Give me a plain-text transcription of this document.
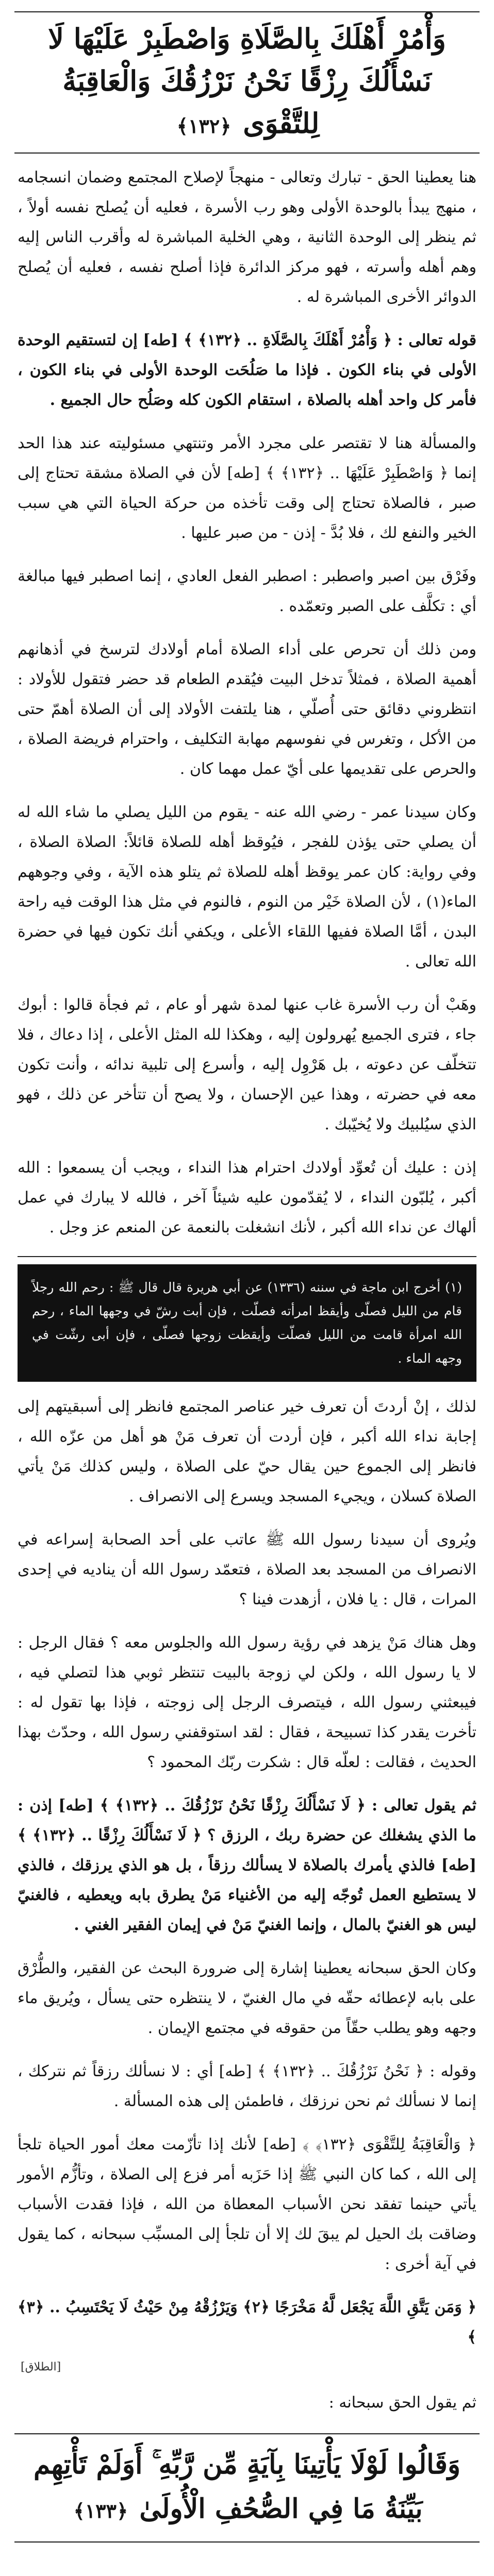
وَأْمُرْ أَهْلَكَ بِالصَّلَاةِ وَاصْطَبِرْ عَلَيْهَا لَا نَسْأَلُكَ رِزْقًا نَحْنُ نَرْزُقُكَ وَالْعَاقِبَةُ لِلتَّقْوَى ﴿١٣٢﴾

هنا يعطينا الحق - تبارك وتعالى - منهجاً لإصلاح المجتمع وضمان انسجامه ، منهج يبدأ بالوحدة الأولى وهو رب الأسرة ، فعليه أن يُصلح نفسه أولاً ، ثم ينظر إلى الوحدة الثانية ، وهي الخلية المباشرة له وأقرب الناس إليه وهم أهله وأسرته ، فهو مركز الدائرة فإذا أصلح نفسه ، فعليه أن يُصلح الدوائر الأخرى المباشرة له .

قوله تعالى : ﴿ وَأْمُرْ أَهْلَكَ بِالصَّلَاةِ .. ﴿١٣٢﴾ ﴾ [طه] إن لتستقيم الوحدة الأولى في بناء الكون . فإذا ما صَلُحَت الوحدة الأولى في بناء الكون ، فأمر كل واحد أهله بالصلاة ، استقام الكون كله وصَلُح حال الجميع .

والمسألة هنا لا تقتصر على مجرد الأمر وتنتهي مسئوليته عند هذا الحد إنما ﴿ وَاصْطَبِرْ عَلَيْهَا .. ﴿١٣٢﴾ ﴾ [طه] لأن في الصلاة مشقة تحتاج إلى صبر ، فالصلاة تحتاج إلى وقت تأخذه من حركة الحياة التي هي سبب الخير والنفع لك ، فلا بُدَّ - إذن - من صبر عليها .

وفَرْق بين اصبر واصطبر : اصطبر الفعل العادي ، إنما اصطبر فيها مبالغة أي : تكلَّف على الصبر وتعمّده .

ومن ذلك أن تحرص على أداء الصلاة أمام أولادك لترسخ في أذهانهم أهمية الصلاة ، فمثلاً تدخل البيت فيُقدم الطعام قد حضر فتقول للأولاد : انتظروني دقائق حتى أُصلّي ، هنا يلتفت الأولاد إلى أن الصلاة أهمّ حتى من الأكل ، وتغرس في نفوسهم مهابة التكليف ، واحترام فريضة الصلاة ، والحرص على تقديمها على أيّ عمل مهما كان .

وكان سيدنا عمر - رضي الله عنه - يقوم من الليل يصلي ما شاء الله له أن يصلي حتى يؤذن للفجر ، فيُوقظ أهله للصلاة قائلاً: الصلاة الصلاة ، وفي رواية: كان عمر يوقظ أهله للصلاة ثم يتلو هذه الآية ، وفي وجوههم الماء(١) ، لأن الصلاة خَيْر من النوم ، فالنوم في مثل هذا الوقت فيه راحة البدن ، أمَّا الصلاة ففيها اللقاء الأعلى ، ويكفي أنك تكون فيها في حضرة الله تعالى .

وهَبْ أن رب الأسرة غاب عنها لمدة شهر أو عام ، ثم فجأة قالوا : أبوك جاء ، فترى الجميع يُهرولون إليه ، وهكذا لله المثل الأعلى ، إذا دعاك ، فلا تتخلّف عن دعوته ، بل هَرْوِل إليه ، وأسرع إلى تلبية ندائه ، وأنت تكون معه في حضرته ، وهذا عين الإحسان ، ولا يصح أن تتأخر عن ذلك ، فهو الذي سيُلبيك ولا يُخيّبك .

إذن : عليك أن تُعوِّد أولادك احترام هذا النداء ، ويجب أن يسمعوا : الله أكبر ، يُلبّون النداء ، لا يُقدّمون عليه شيئاً آخر ، فالله لا يبارك في عمل ألهاك عن نداء الله أكبر ، لأنك انشغلت بالنعمة عن المنعم عز وجل .

(١) أخرج ابن ماجة في سننه (١٣٣٦) عن أبي هريرة قال قال ﷺ : رحم الله رجلاً قام من الليل فصلّى وأيقظ امرأته فصلّت ، فإن أبت رشّ في وجهها الماء ، رحم الله امرأة قامت من الليل فصلّت وأيقظت زوجها فصلّى ، فإن أبى رشّت في وجهه الماء .

لذلك ، إنْ أردتَ أن تعرف خير عناصر المجتمع فانظر إلى أسبقيتهم إلى إجابة نداء الله أكبر ، فإن أردت أن تعرف مَنْ هو أهل من عزّه الله ، فانظر إلى الجموع حين يقال حيّ على الصلاة ، وليس كذلك مَنْ يأتي الصلاة كسلان ، ويجيء المسجد ويسرع إلى الانصراف .

ويُروى أن سيدنا رسول الله ﷺ عاتب على أحد الصحابة إسراعه في الانصراف من المسجد بعد الصلاة ، فتعمّد رسول الله أن يناديه في إحدى المرات ، قال : يا فلان ، أزهدت فينا ؟

وهل هناك مَنْ يزهد في رؤية رسول الله والجلوس معه ؟ فقال الرجل : لا يا رسول الله ، ولكن لي زوجة بالبيت تنتظر ثوبي هذا لتصلي فيه ، فيبعثني رسول الله ، فيتصرف الرجل إلى زوجته ، فإذا بها تقول له : تأخرت يقدر كذا تسبيحة ، فقال : لقد استوقفني رسول الله ، وحدّث بهذا الحديث ، فقالت : لعلّه قال : شكرت ربّك المحمود ؟

ثم يقول تعالى : ﴿ لَا نَسْأَلُكَ رِزْقًا نَحْنُ نَرْزُقُكَ .. ﴿١٣٢﴾ ﴾ [طه] إذن : ما الذي يشغلك عن حضرة ربك ، الرزق ؟ ﴿ لَا نَسْأَلُكَ رِزْقًا .. ﴿١٣٢﴾ ﴾ [طه] فالذي يأمرك بالصلاة لا يسألك رزقاً ، بل هو الذي يرزقك ، فالذي لا يستطيع العمل تُوجّه إليه من الأغنياء مَنْ يطرق بابه ويعطيه ، فالغنيّ ليس هو الغنيّ بالمال ، وإنما الغنيّ مَنْ في إيمان الفقير الغني .

وكان الحق سبحانه يعطينا إشارة إلى ضرورة البحث عن الفقير، والطُّرْق على بابه لإعطائه حقّه في مال الغنيّ ، لا ينتظره حتى يسأل ، ويُريق ماء وجهه وهو يطلب حقّاً من حقوقه في مجتمع الإيمان .

وقوله : ﴿ نَحْنُ نَرْزُقُكَ .. ﴿١٣٢﴾ ﴾ [طه] أي : لا نسألك رزقاً ثم نتركك ، إنما لا نسألك ثم نحن نرزقك ، فاطمئن إلى هذه المسألة .

﴿ وَالْعَاقِبَةُ لِلتَّقْوَى ﴿١٣٢﴾ ﴾ [طه] لأنك إذا تأزّمت معك أمور الحياة تلجأ إلى الله ، كما كان النبي ﷺ إذا حَزَبه أمر فزع إلى الصلاة ، وتأزُّم الأمور يأتي حينما تفقد نحن الأسباب المعطاة من الله ، فإذا فقدت الأسباب وضاقت بك الحيل لم يبقَ لك إلا أن تلجأ إلى المسبِّب سبحانه ، كما يقول في آية أخرى :

﴿ وَمَن يَتَّقِ اللَّهَ يَجْعَل لَّهُ مَخْرَجًا ﴿٢﴾ وَيَرْزُقْهُ مِنْ حَيْثُ لَا يَحْتَسِبُ .. ﴿٣﴾ ﴾

[الطلاق]

ثم يقول الحق سبحانه :

وَقَالُوا لَوْلَا يَأْتِينَا بِآيَةٍ مِّن رَّبِّهِ ۚ أَوَلَمْ تَأْتِهِم بَيِّنَةُ مَا فِي الصُّحُفِ الْأُولَىٰ ﴿١٣٣﴾
